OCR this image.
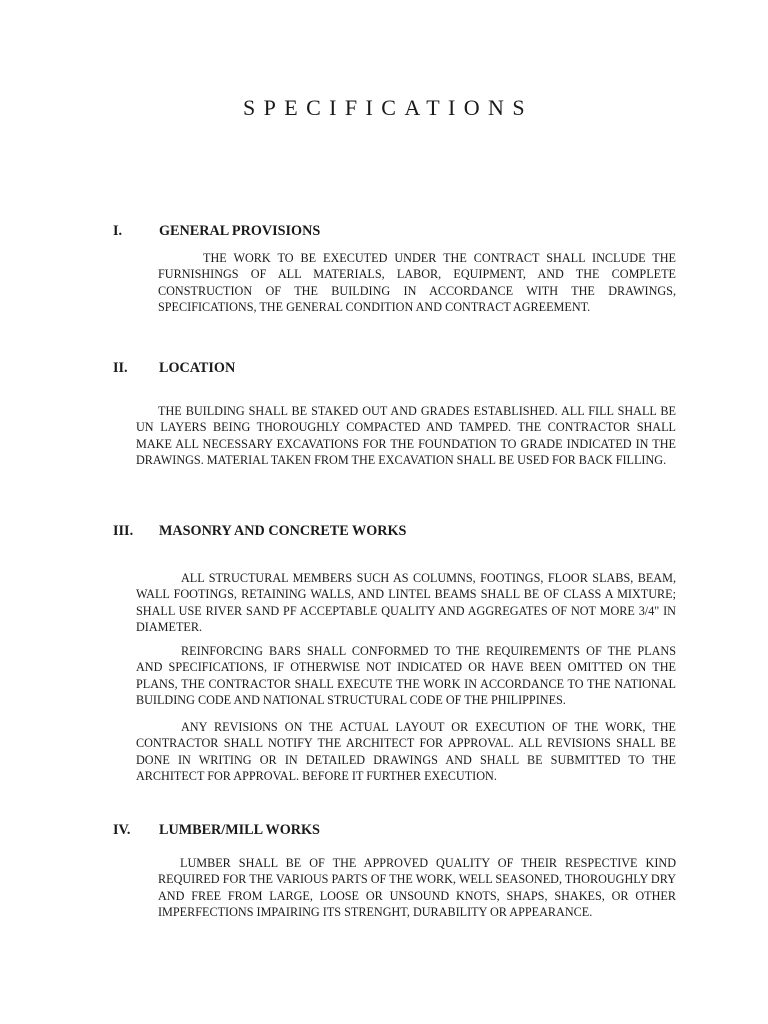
SPECIFICATIONS
I.	GENERAL PROVISIONS

THE WORK TO BE EXECUTED UNDER THE CONTRACT SHALL INCLUDE THE FURNISHINGS OF ALL MATERIALS, LABOR, EQUIPMENT, AND THE COMPLETE CONSTRUCTION OF THE BUILDING IN ACCORDANCE WITH THE DRAWINGS, SPECIFICATIONS, THE GENERAL CONDITION AND CONTRACT AGREEMENT.

II. LOCATION

THE BUILDING SHALL BE STAKED OUT AND GRADES ESTABLISHED. ALL FILL SHALL BE UN LAYERS BEING THOROUGHLY COMPACTED AND TAMPED. THE CONTRACTOR SHALL MAKE ALL NECESSARY EXCAVATIONS FOR THE FOUNDATION TO GRADE INDICATED IN THE DRAWINGS. MATERIAL TAKEN FROM THE EXCAVATION SHALL BE USED FOR BACK FILLING.

III. MASONRY AND CONCRETE WORKS

ALL STRUCTURAL MEMBERS SUCH AS COLUMNS, FOOTINGS, FLOOR SLABS, BEAM, WALL FOOTINGS, RETAINING WALLS, AND LINTEL BEAMS SHALL BE OF CLASS A MIXTURE; SHALL USE RIVER SAND PF ACCEPTABLE QUALITY AND AGGREGATES OF NOT MORE 3/4" IN DIAMETER.

REINFORCING BARS SHALL CONFORMED TO THE REQUIREMENTS OF THE PLANS AND SPECIFICATIONS, IF OTHERWISE NOT INDICATED OR HAVE BEEN OMITTED ON THE PLANS, THE CONTRACTOR SHALL EXECUTE THE WORK IN ACCORDANCE TO THE NATIONAL BUILDING CODE AND NATIONAL STRUCTURAL CODE OF THE PHILIPPINES.

ANY REVISIONS ON THE ACTUAL LAYOUT OR EXECUTION OF THE WORK, THE CONTRACTOR SHALL NOTIFY THE ARCHITECT FOR APPROVAL. ALL REVISIONS SHALL BE DONE IN WRITING OR IN DETAILED DRAWINGS AND SHALL BE SUBMITTED TO THE ARCHITECT FOR APPROVAL. BEFORE IT FURTHER EXECUTION.

IV. LUMBER/MILL WORKS

LUMBER SHALL BE OF THE APPROVED QUALITY OF THEIR RESPECTIVE KIND REQUIRED FOR THE VARIOUS PARTS OF THE WORK, WELL SEASONED, THOROUGHLY DRY AND FREE FROM LARGE, LOOSE OR UNSOUND KNOTS, SHAPS, SHAKES, OR OTHER IMPERFECTIONS IMPAIRING ITS STRENGHT, DURABILITY OR APPEARANCE.
